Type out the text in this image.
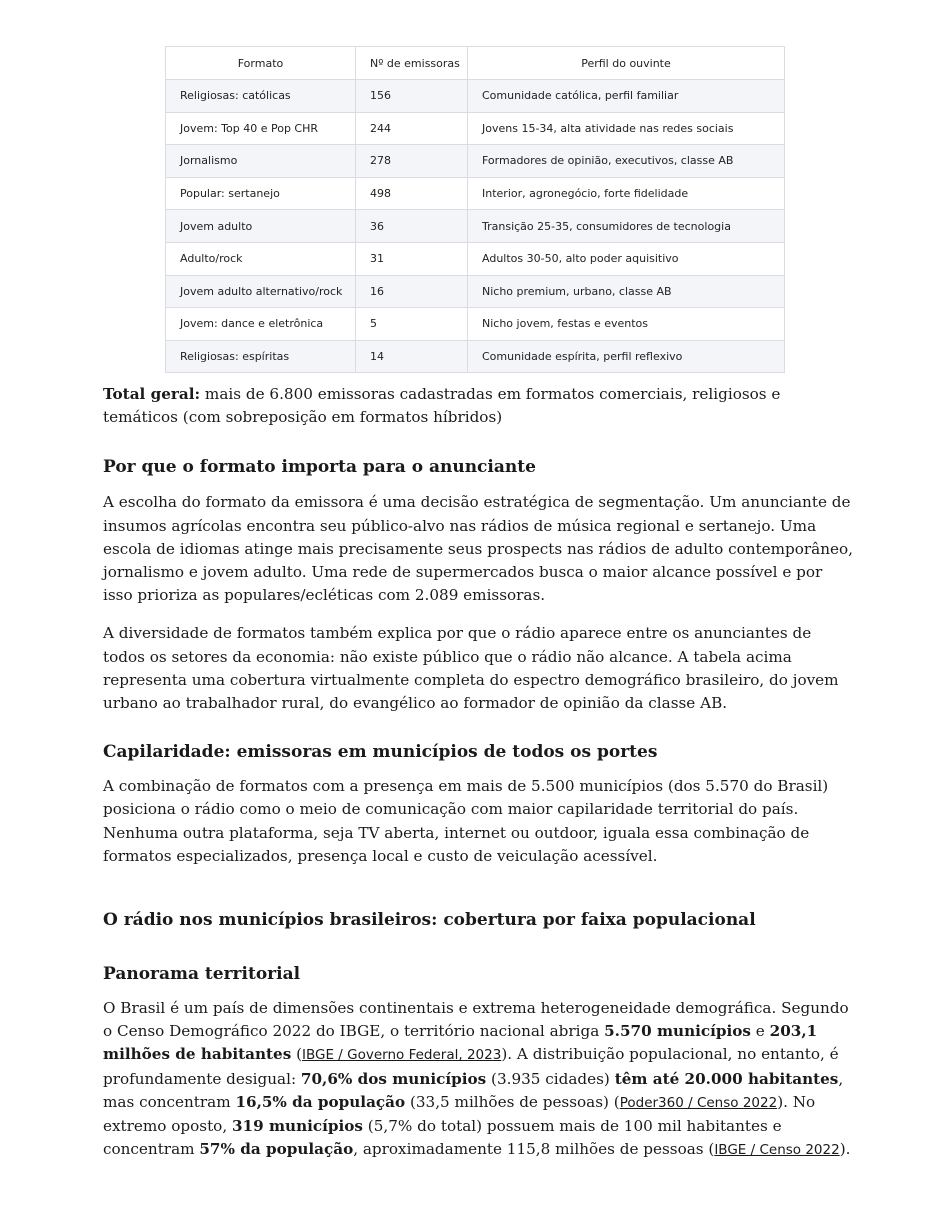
Formato	Nº de emissoras	Perfil do ouvinte
Religiosas: católicas	156	Comunidade católica, perfil familiar
Jovem: Top 40 e Pop CHR	244	Jovens 15-34, alta atividade nas redes sociais
Jornalismo	278	Formadores de opinião, executivos, classe AB
Popular: sertanejo	498	Interior, agronegócio, forte fidelidade
Jovem adulto	36	Transição 25-35, consumidores de tecnologia
Adulto/rock	31	Adultos 30-50, alto poder aquisitivo
Jovem adulto alternativo/rock	16	Nicho premium, urbano, classe AB
Jovem: dance e eletrônica	5	Nicho jovem, festas e eventos
Religiosas: espíritas	14	Comunidade espírita, perfil reflexivo

Total geral: mais de 6.800 emissoras cadastradas em formatos comerciais, religiosos e temáticos (com sobreposição em formatos híbridos)

Por que o formato importa para o anunciante

A escolha do formato da emissora é uma decisão estratégica de segmentação. Um anunciante de insumos agrícolas encontra seu público-alvo nas rádios de música regional e sertanejo. Uma escola de idiomas atinge mais precisamente seus prospects nas rádios de adulto contemporâneo, jornalismo e jovem adulto. Uma rede de supermercados busca o maior alcance possível e por isso prioriza as populares/ecléticas com 2.089 emissoras.

A diversidade de formatos também explica por que o rádio aparece entre os anunciantes de todos os setores da economia: não existe público que o rádio não alcance. A tabela acima representa uma cobertura virtualmente completa do espectro demográfico brasileiro, do jovem urbano ao trabalhador rural, do evangélico ao formador de opinião da classe AB.

Capilaridade: emissoras em municípios de todos os portes

A combinação de formatos com a presença em mais de 5.500 municípios (dos 5.570 do Brasil) posiciona o rádio como o meio de comunicação com maior capilaridade territorial do país. Nenhuma outra plataforma, seja TV aberta, internet ou outdoor, iguala essa combinação de formatos especializados, presença local e custo de veiculação acessível.

O rádio nos municípios brasileiros: cobertura por faixa populacional
Panorama territorial

O Brasil é um país de dimensões continentais e extrema heterogeneidade demográfica. Segundo o Censo Demográfico 2022 do IBGE, o território nacional abriga 5.570 municípios e 203,1 milhões de habitantes (IBGE / Governo Federal, 2023). A distribuição populacional, no entanto, é profundamente desigual: 70,6% dos municípios (3.935 cidades) têm até 20.000 habitantes, mas concentram 16,5% da população (33,5 milhões de pessoas) (Poder360 / Censo 2022). No extremo oposto, 319 municípios (5,7% do total) possuem mais de 100 mil habitantes e concentram 57% da população, aproximadamente 115,8 milhões de pessoas (IBGE / Censo 2022).
